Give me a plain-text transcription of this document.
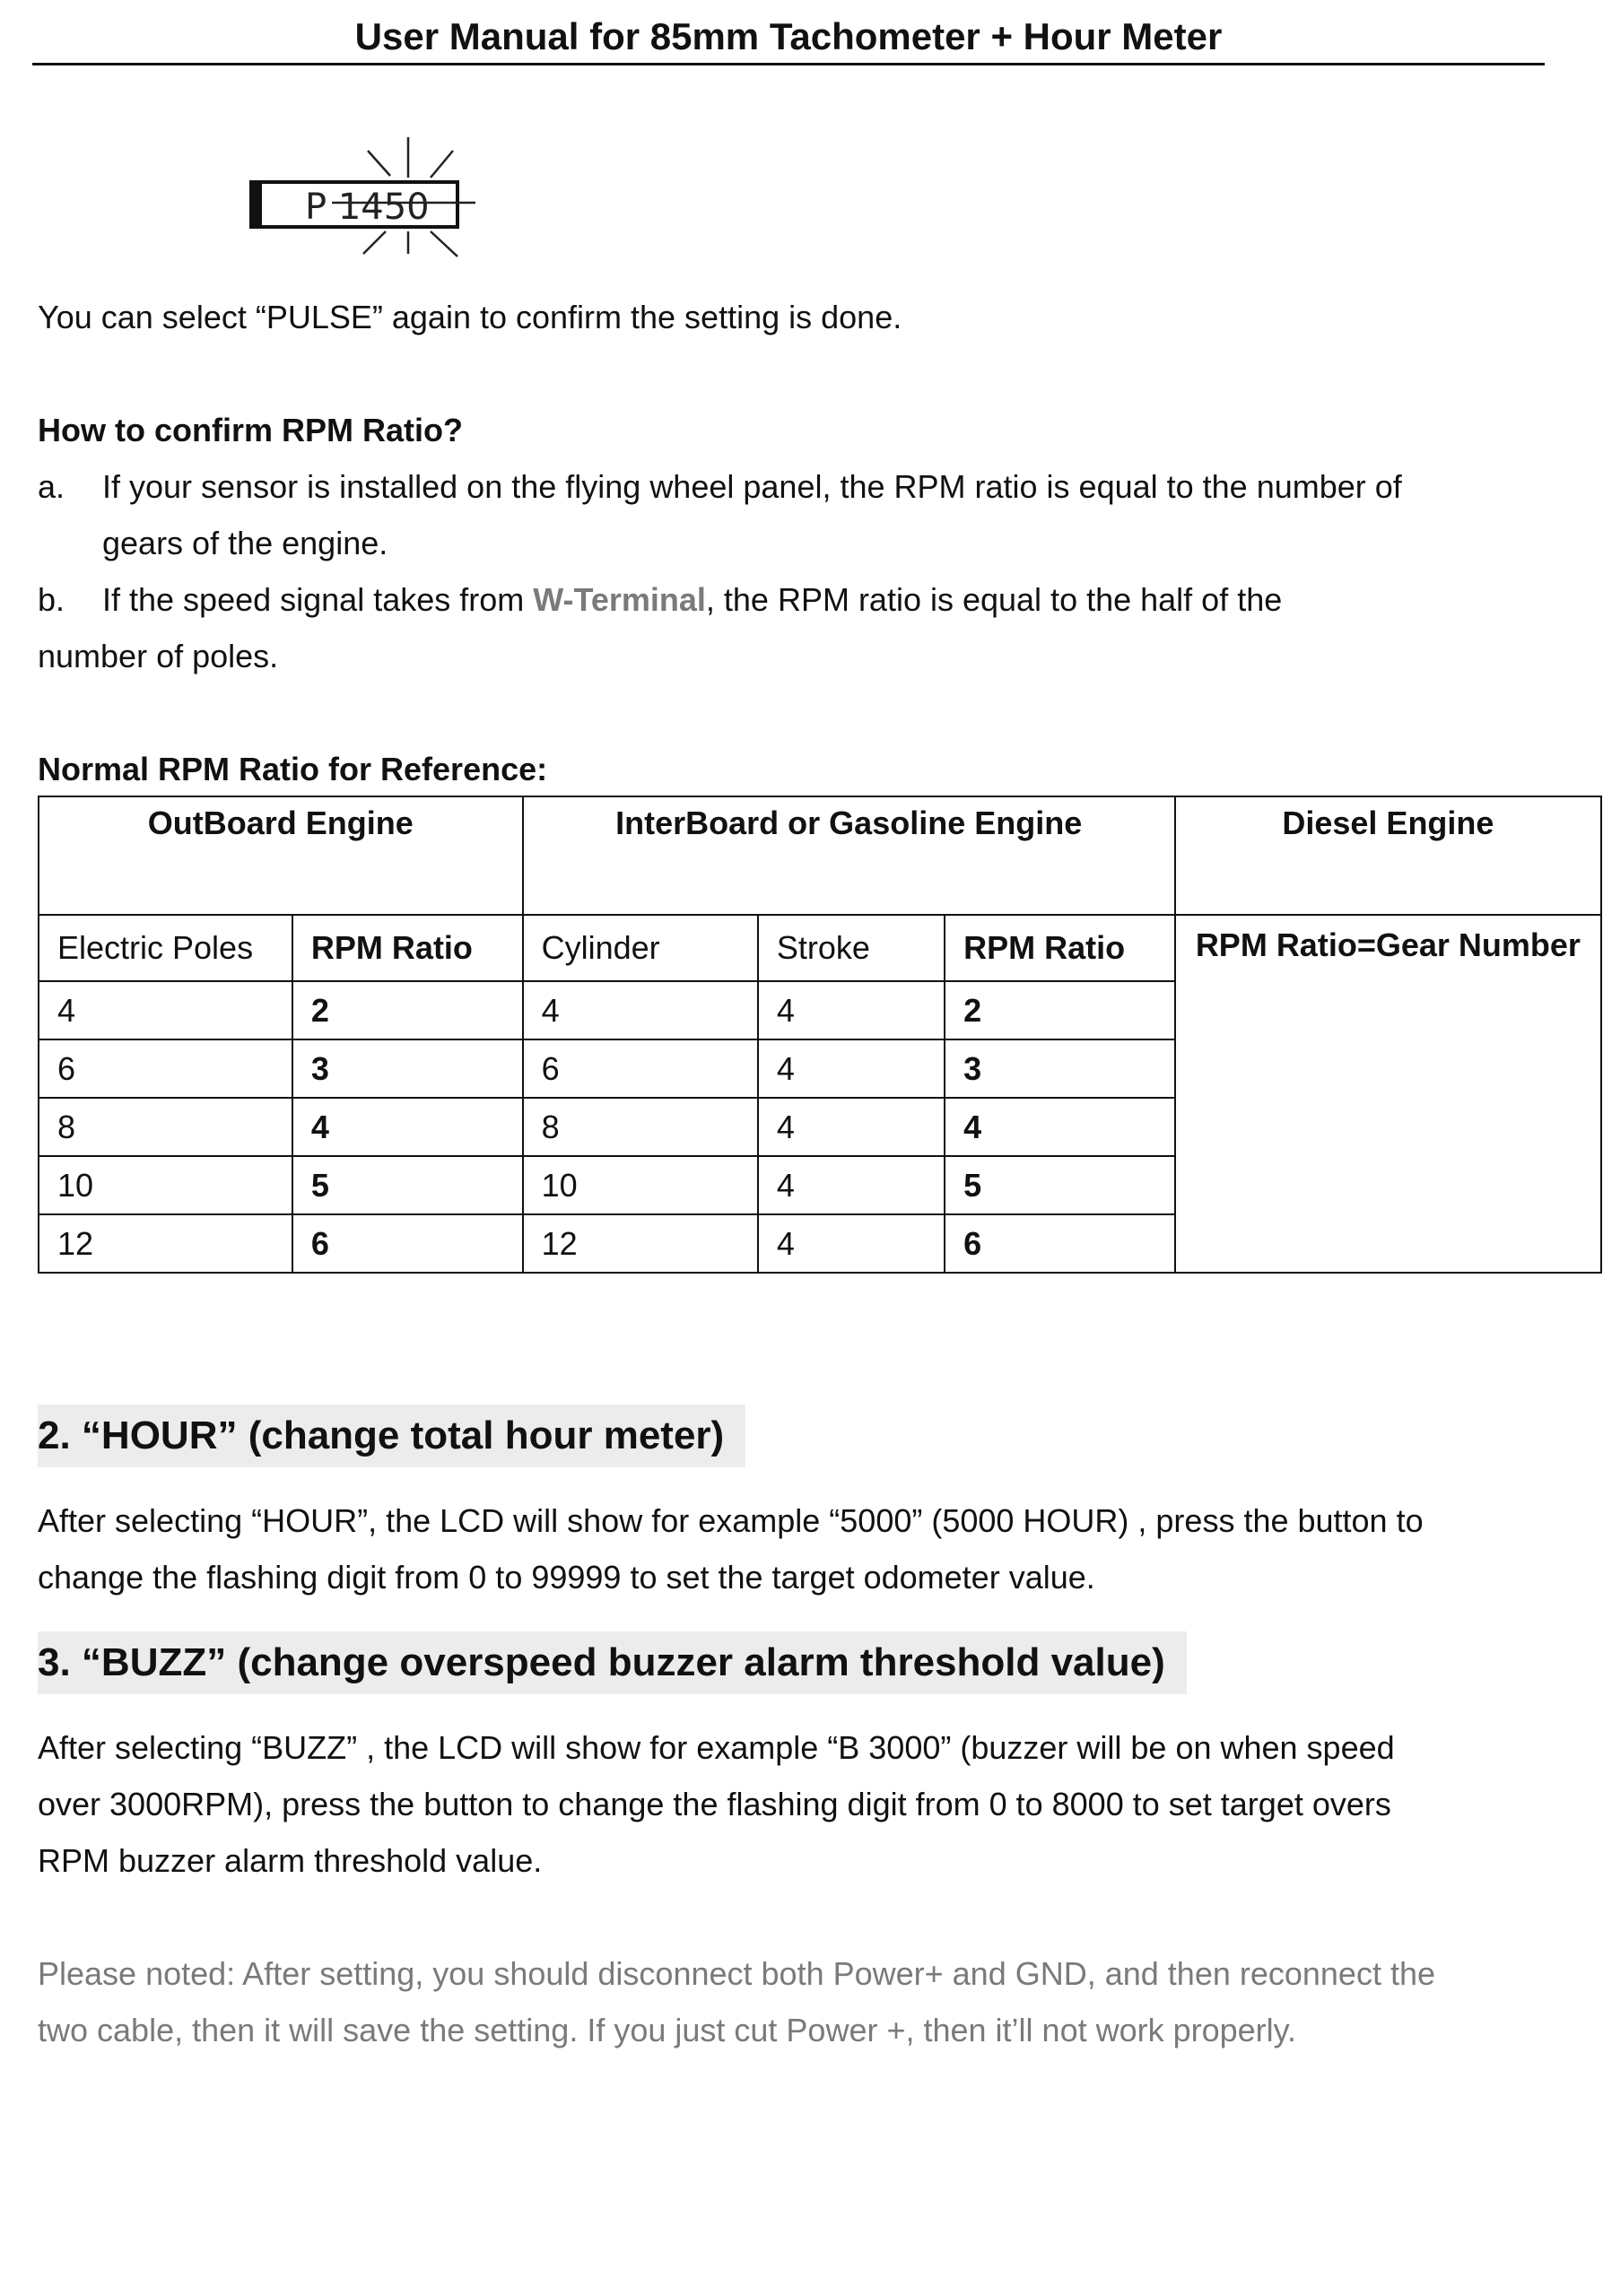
User Manual for 85mm Tachometer + Hour Meter
P 1450

You can select “PULSE” again to confirm the setting is done.

How to confirm RPM Ratio?
a. If your sensor is installed on the flying wheel panel, the RPM ratio is equal to the number of
gears of the engine.
b. If the speed signal takes from W-Terminal, the RPM ratio is equal to the half of the
number of poles.
Normal RPM Ratio for Reference:
OutBoard Engine		InterBoard or Gasoline Engine			Diesel Engine
Electric Poles	RPM Ratio	Cylinder	Stroke	RPM Ratio	RPM Ratio=Gear Number
4	2	4	4	2	
6	3	6	4	3	
8	4	8	4	4	
10	5	10	4	5	
12	6	12	4	6	
2. “HOUR” (change total hour meter)

After selecting “HOUR”, the LCD will show for example “5000” (5000 HOUR) , press the button to

change the flashing digit from 0 to 99999 to set the target odometer value.

3. “BUZZ” (change overspeed buzzer alarm threshold value)

After selecting “BUZZ” , the LCD will show for example “B 3000” (buzzer will be on when speed

over 3000RPM), press the button to change the flashing digit from 0 to 8000 to set target overs

RPM buzzer alarm threshold value.

Please noted: After setting, you should disconnect both Power+ and GND, and then reconnect the

two cable, then it will save the setting. If you just cut Power +, then it’ll not work properly.
